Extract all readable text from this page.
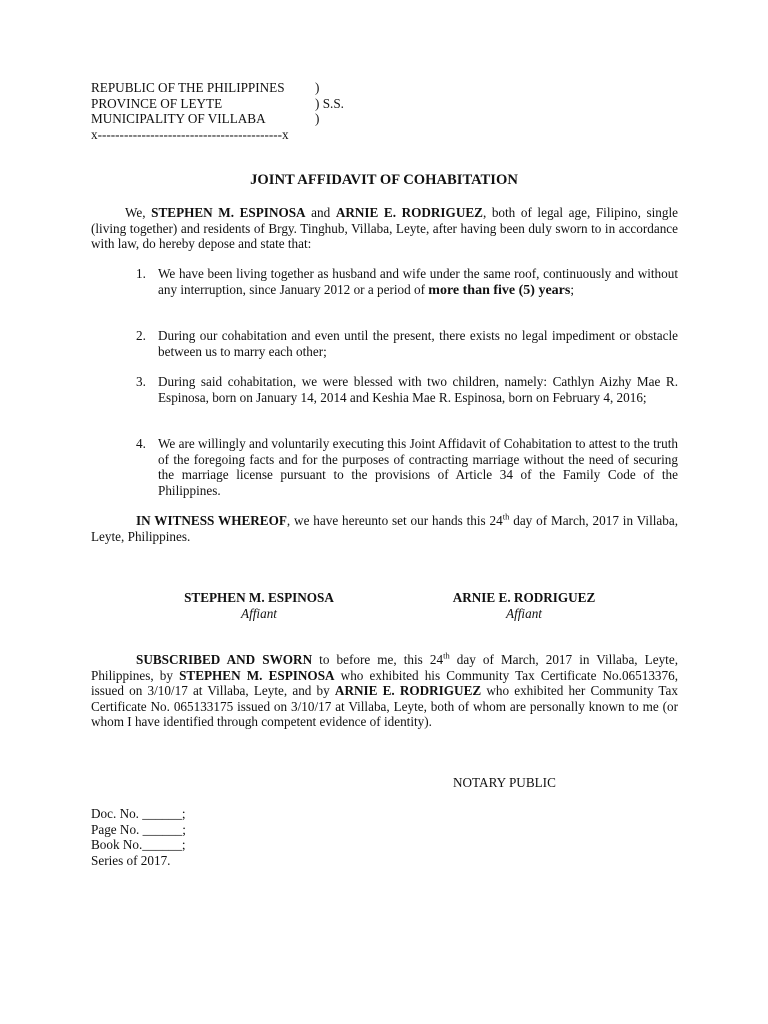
REPUBLIC OF THE PHILIPPINES )
PROVINCE OF LEYTE	) S.S.
MUNICIPALITY OF VILLABA	)
x------------------------------------------x
JOINT AFFIDAVIT OF COHABITATION
We, STEPHEN M. ESPINOSA and ARNIE E. RODRIGUEZ, both of legal age, Filipino, single (living together) and residents of Brgy. Tinghub, Villaba, Leyte, after having been duly sworn to in accordance with law, do hereby depose and state that:
1. We have been living together as husband and wife under the same roof, continuously and without any interruption, since January 2012 or a period of more than five (5) years;
2. During our cohabitation and even until the present, there exists no legal impediment or obstacle between us to marry each other;
3. During said cohabitation, we were blessed with two children, namely: Cathlyn Aizhy Mae R. Espinosa, born on January 14, 2014 and Keshia Mae R. Espinosa, born on February 4, 2016;
4. We are willingly and voluntarily executing this Joint Affidavit of Cohabitation to attest to the truth of the foregoing facts and for the purposes of contracting marriage without the need of securing the marriage license pursuant to the provisions of Article 34 of the Family Code of the Philippines.
IN WITNESS WHEREOF, we have hereunto set our hands this 24th day of March, 2017 in Villaba, Leyte, Philippines.
STEPHEN M. ESPINOSA
Affiant
ARNIE E. RODRIGUEZ
Affiant
SUBSCRIBED AND SWORN to before me, this 24th day of March, 2017 in Villaba, Leyte, Philippines, by STEPHEN M. ESPINOSA who exhibited his Community Tax Certificate No.06513376, issued on 3/10/17 at Villaba, Leyte, and by ARNIE E. RODRIGUEZ who exhibited her Community Tax Certificate No. 065133175 issued on 3/10/17 at Villaba, Leyte, both of whom are personally known to me (or whom I have identified through competent evidence of identity).
NOTARY PUBLIC
Doc. No. ______;
Page No. ______;
Book No.______;
Series of 2017.
